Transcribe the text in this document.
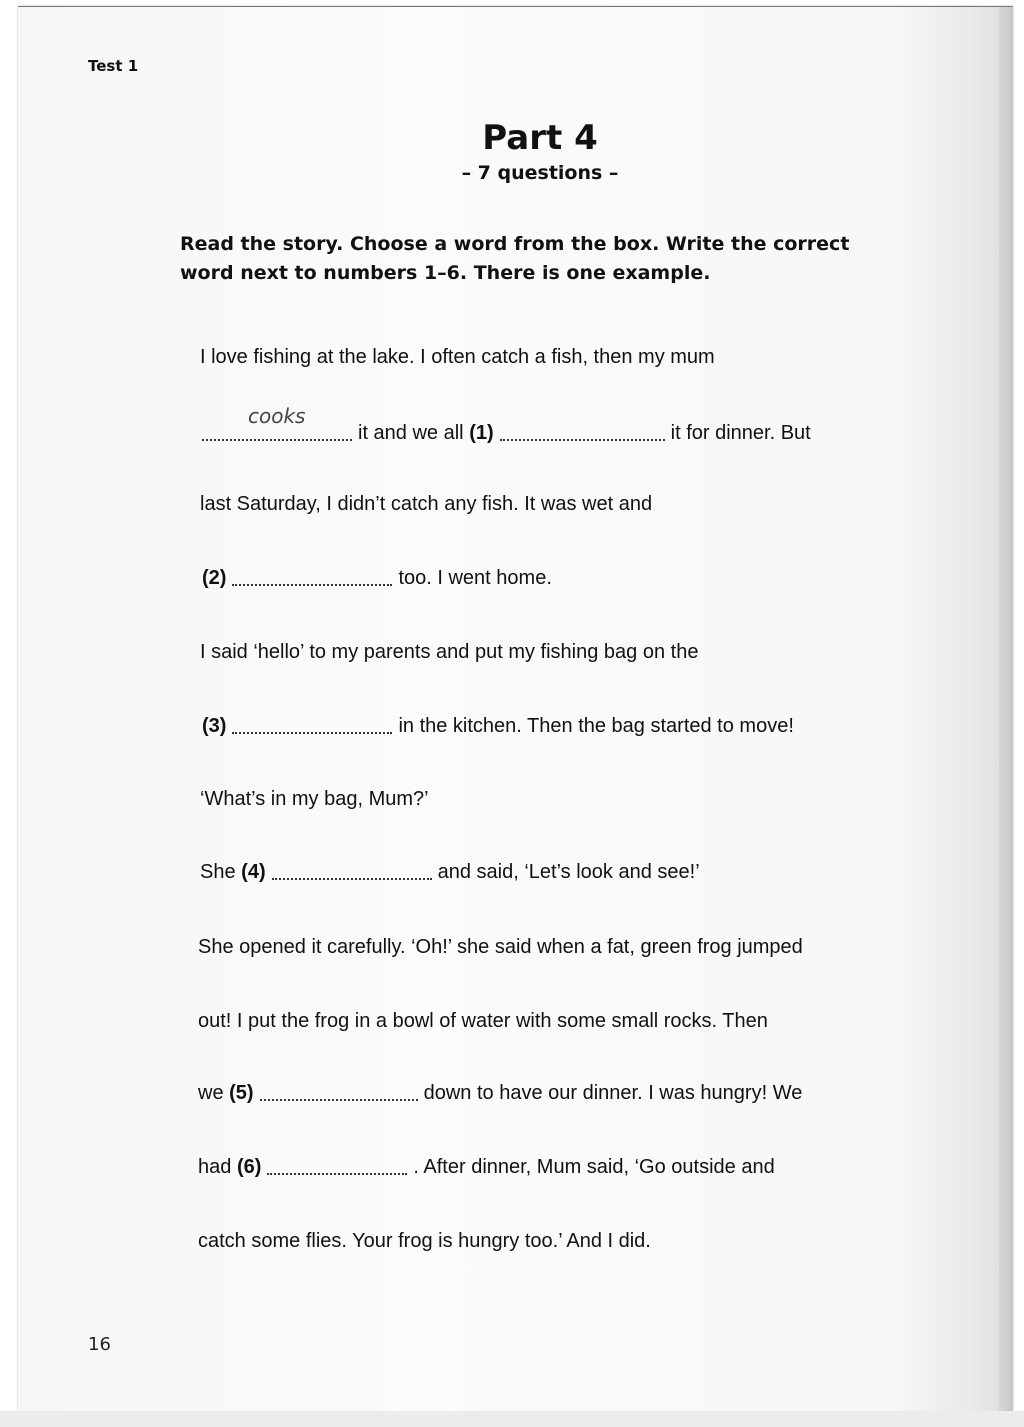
Test 1
Part 4
– 7 questions –
Read the story. Choose a word from the box. Write the correct word next to numbers 1–6. There is one example.
cooks
I love fishing at the lake. I often catch a fish, then my mum
it and we all (1)	it for dinner. But
last Saturday, I didn’t catch any fish. It was wet and
(2)	too. I went home.
I said ‘hello’ to my parents and put my fishing bag on the
(3)	in the kitchen. Then the bag started to move!
‘What’s in my bag, Mum?’
She (4)	and said, ‘Let’s look and see!’
She opened it carefully. ‘Oh!’ she said when a fat, green frog jumped
out! I put the frog in a bowl of water with some small rocks. Then
we (5)	down to have our dinner. I was hungry! We
had (6)	. After dinner, Mum said, ‘Go outside and
catch some flies. Your frog is hungry too.’ And I did.
16
